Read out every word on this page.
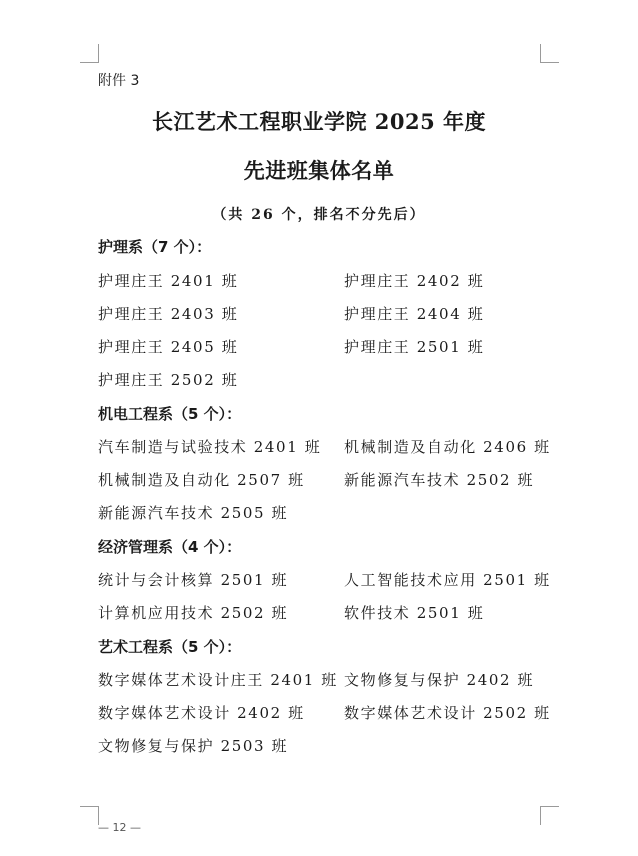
附件 3
长江艺术工程职业学院 2025 年度
先进班集体名单
（共 26 个，排名不分先后）
护理系（7 个）：
护理庄王 2401 班	护理庄王 2402 班
护理庄王 2403 班	护理庄王 2404 班
护理庄王 2405 班	护理庄王 2501 班
护理庄王 2502 班
机电工程系（5 个）：
汽车制造与试验技术 2401 班 机械制造及自动化 2406 班
机械制造及自动化 2507 班	新能源汽车技术 2502 班
新能源汽车技术 2505 班
经济管理系（4 个）：
统计与会计核算 2501 班	人工智能技术应用 2501 班
计算机应用技术 2502 班	软件技术 2501 班
艺术工程系（5 个）：
数字媒体艺术设计庄王 2401 班 文物修复与保护 2402 班
数字媒体艺术设计 2402 班	数字媒体艺术设计 2502 班
文物修复与保护 2503 班
— 12 —
